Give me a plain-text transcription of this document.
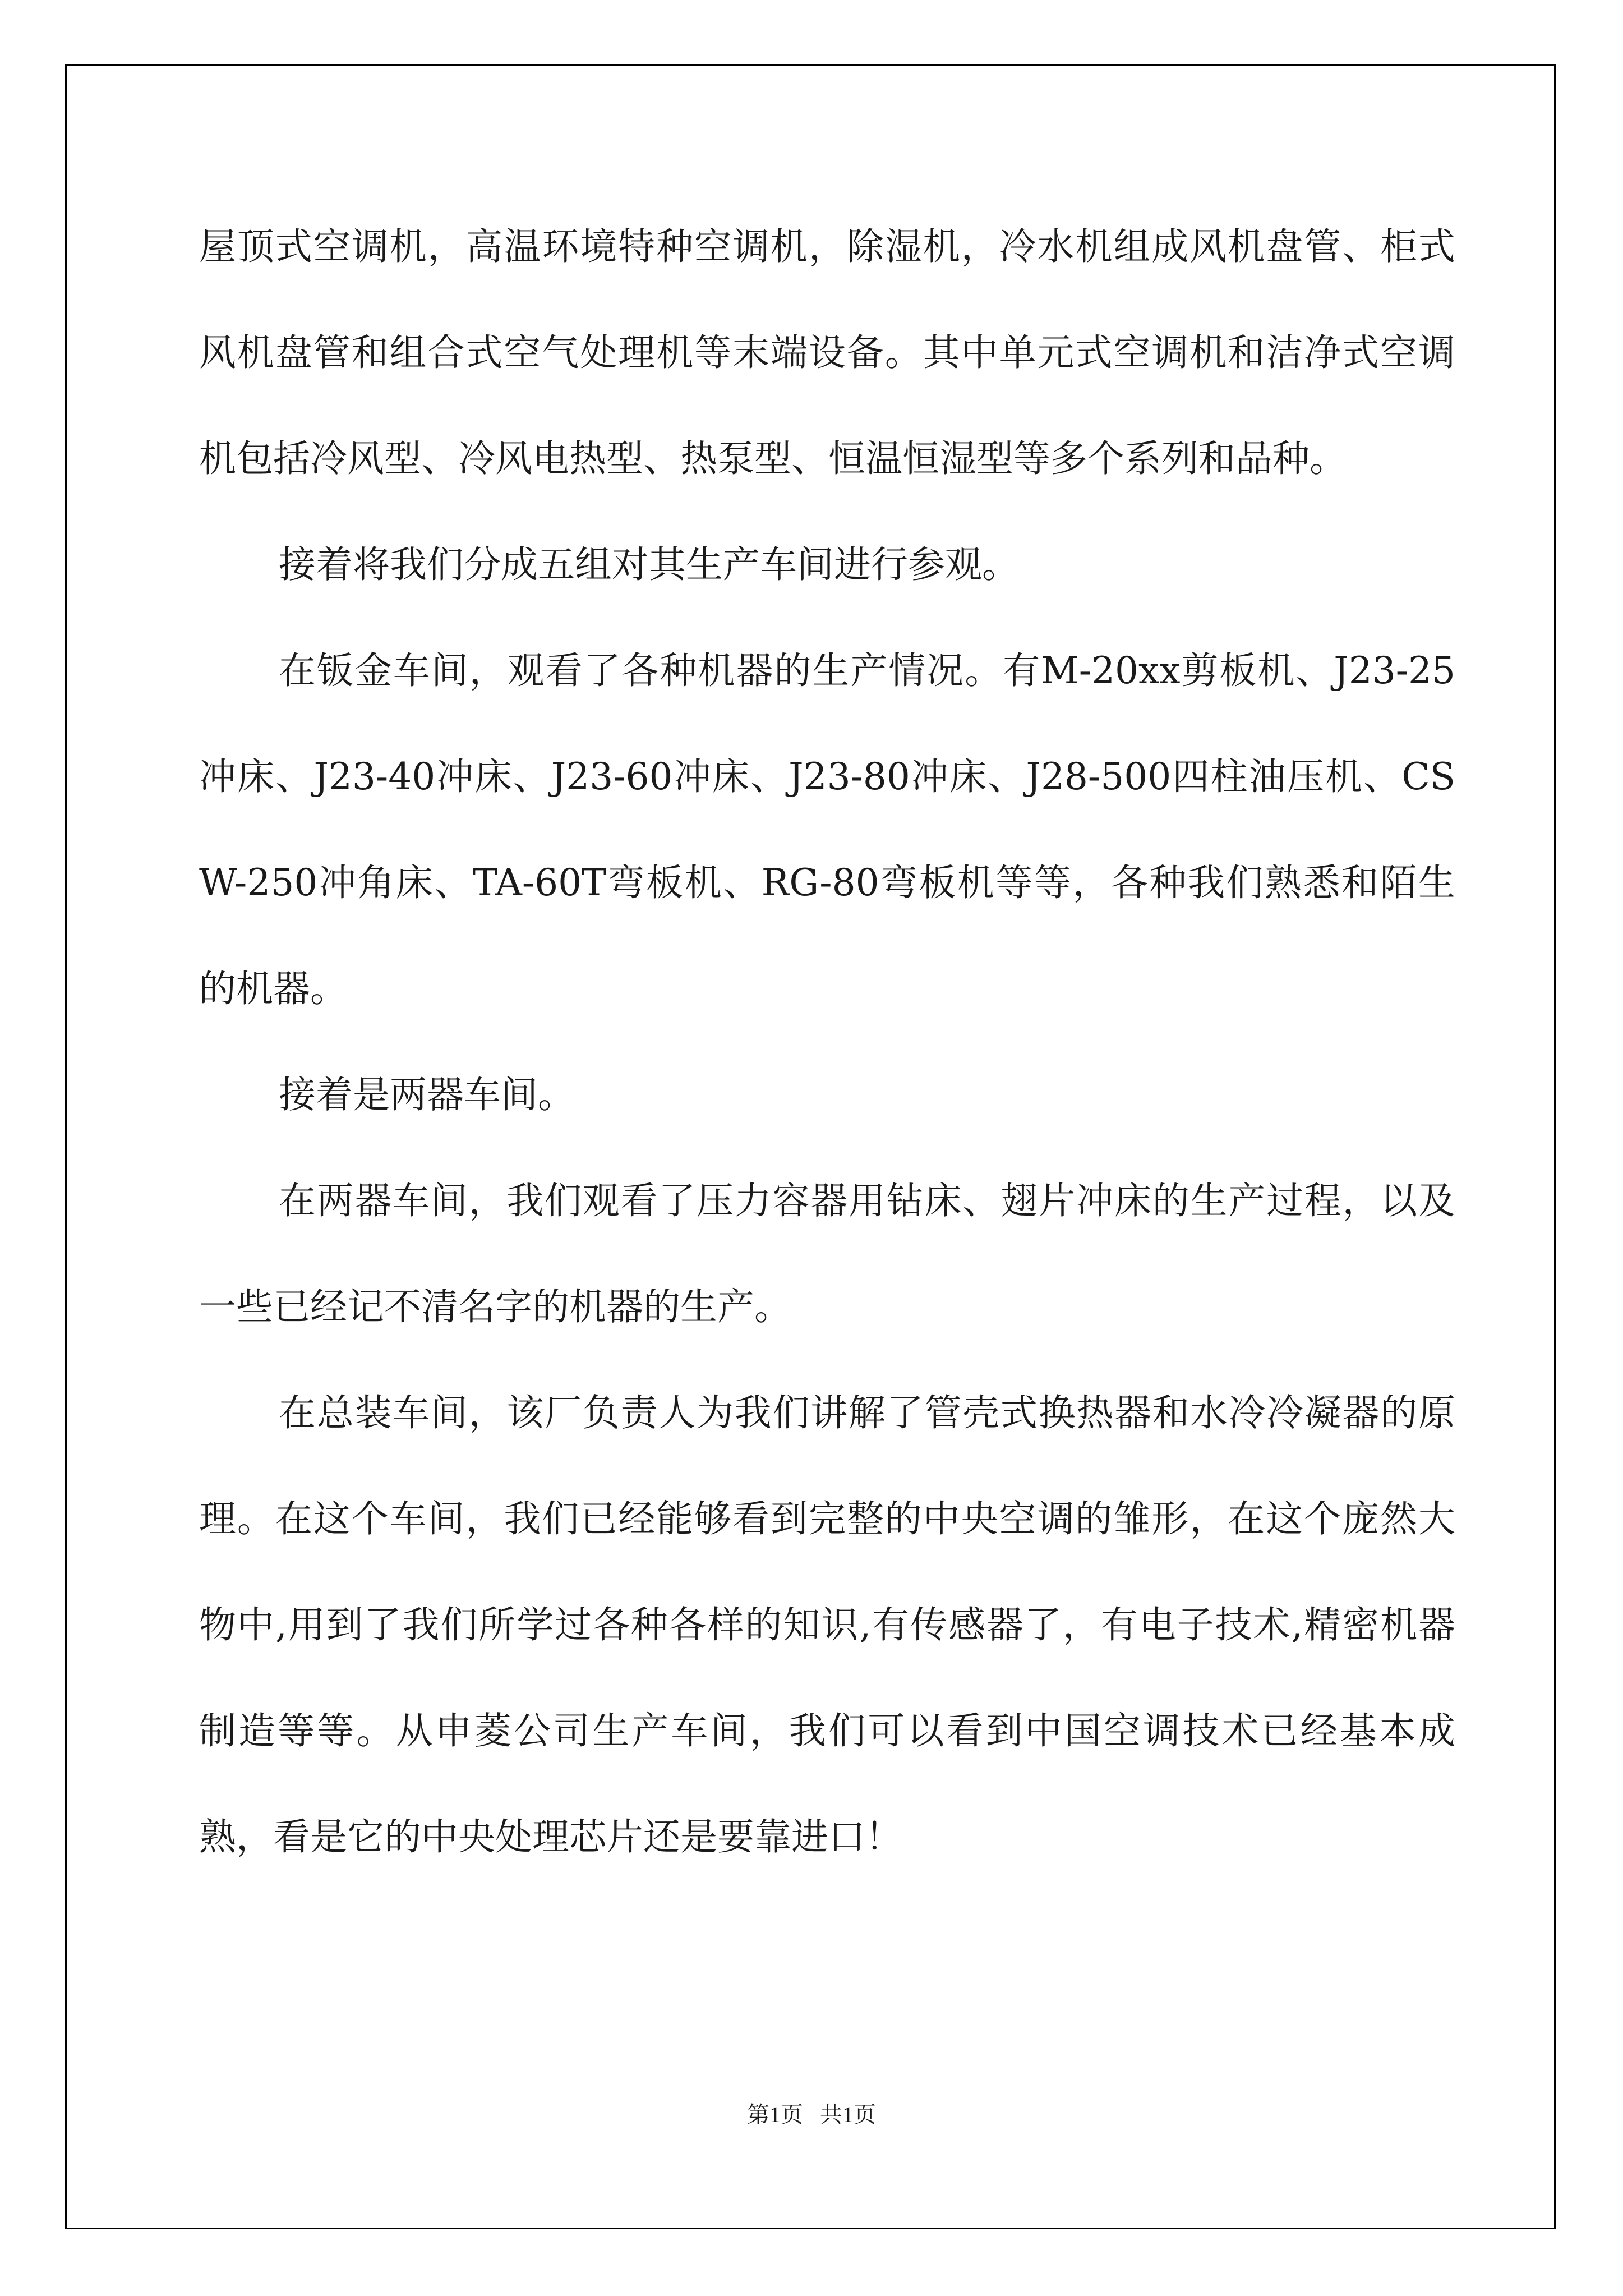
屋顶式空调机，高温环境特种空调机，除湿机，冷水机组成风机盘管、柜式风机盘管和组合式空气处理机等末端设备。其中单元式空调机和洁净式空调机包括冷风型、冷风电热型、热泵型、恒温恒湿型等多个系列和品种。

接着将我们分成五组对其生产车间进行参观。

在钣金车间，观看了各种机器的生产情况。有M-20xx剪板机、J23-25冲床、J23-40冲床、J23-60冲床、J23-80冲床、J28-500四柱油压机、CSW-250冲角床、TA-60T弯板机、RG-80弯板机等等，各种我们熟悉和陌生的机器。

接着是两器车间。

在两器车间，我们观看了压力容器用钻床、翅片冲床的生产过程，以及一些已经记不清名字的机器的生产。

在总装车间，该厂负责人为我们讲解了管壳式换热器和水冷冷凝器的原理。在这个车间，我们已经能够看到完整的中央空调的雏形，在这个庞然大物中,用到了我们所学过各种各样的知识,有传感器了，有电子技术,精密机器制造等等。从申菱公司生产车间，我们可以看到中国空调技术已经基本成熟，看是它的中央处理芯片还是要靠进口！

第1页   共1页
